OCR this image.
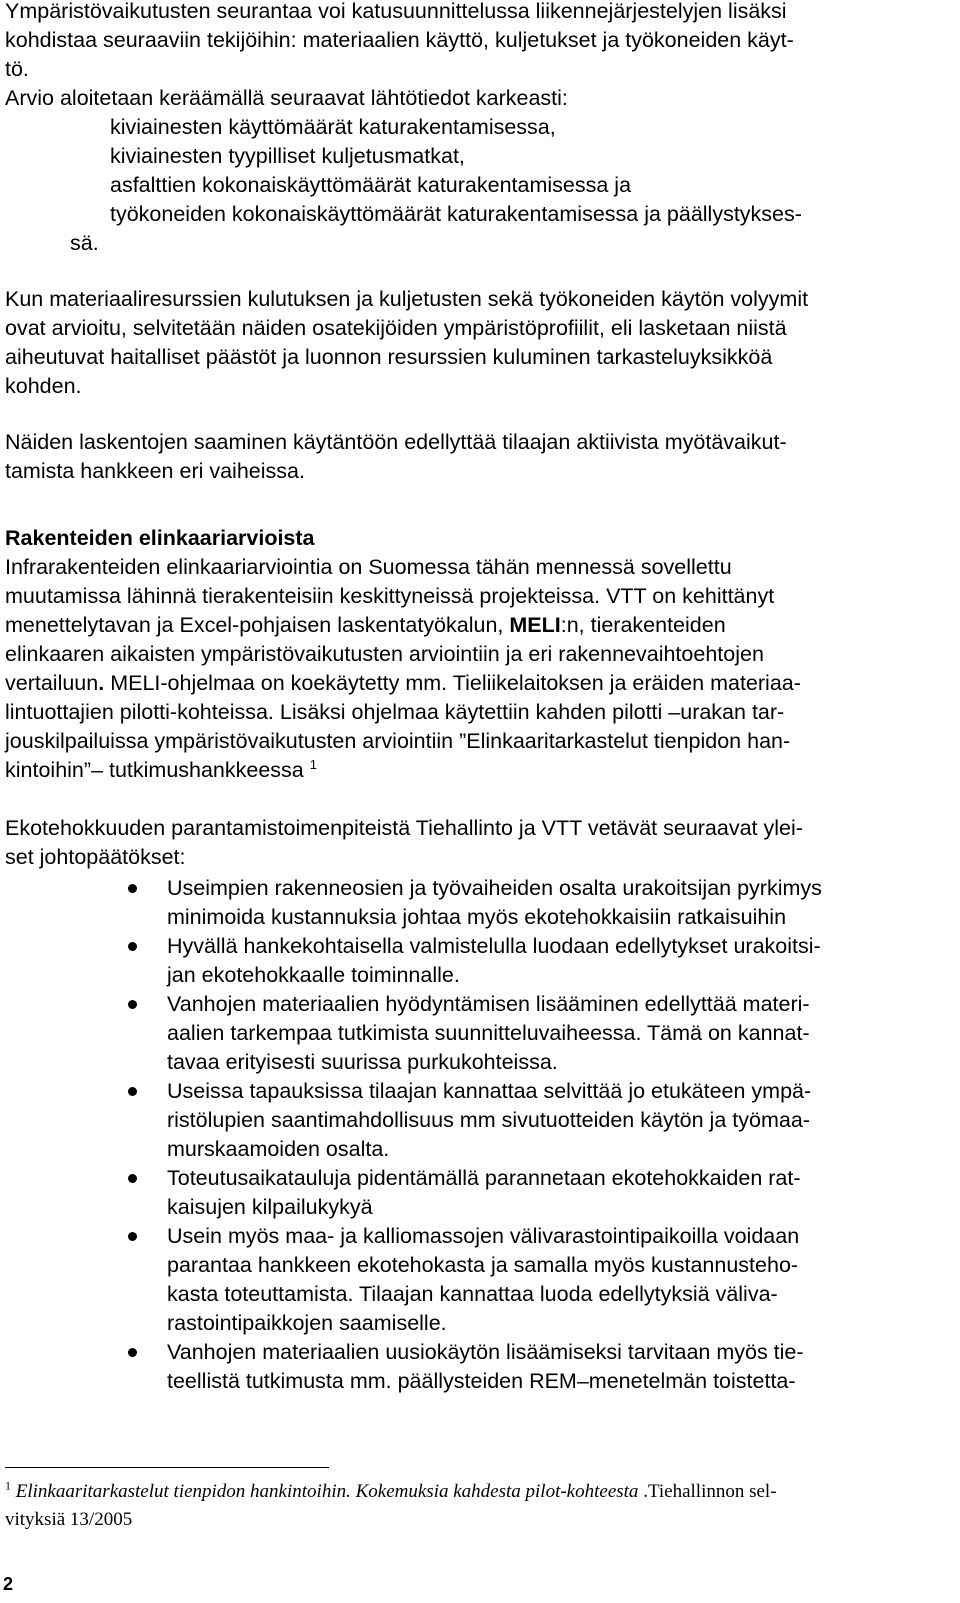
Ympäristövaikutusten seurantaa voi katusuunnittelussa liikennejärjestelyjen lisäksi

kohdistaa seuraaviin tekijöihin: materiaalien käyttö, kuljetukset ja työkoneiden käyt-

tö.

Arvio aloitetaan keräämällä seuraavat lähtötiedot karkeasti:

kiviainesten käyttömäärät katurakentamisessa,

kiviainesten tyypilliset kuljetusmatkat,

asfalttien kokonaiskäyttömäärät katurakentamisessa ja

työkoneiden kokonaiskäyttömäärät katurakentamisessa ja päällystykses-

sä.

Kun materiaaliresurssien kulutuksen ja kuljetusten sekä työkoneiden käytön volyymit

ovat arvioitu, selvitetään näiden osatekijöiden ympäristöprofiilit, eli lasketaan niistä

aiheutuvat haitalliset päästöt ja luonnon resurssien kuluminen tarkasteluyksikköä

kohden.

Näiden laskentojen saaminen käytäntöön edellyttää tilaajan aktiivista myötävaikut-

tamista hankkeen eri vaiheissa.

Rakenteiden elinkaariarvioista

Infrarakenteiden elinkaariarviointia on Suomessa tähän mennessä sovellettu

muutamissa lähinnä tierakenteisiin keskittyneissä projekteissa. VTT on kehittänyt

menettelytavan ja Excel-pohjaisen laskentatyökalun, MELI:n, tierakenteiden

elinkaaren aikaisten ympäristövaikutusten arviointiin ja eri rakennevaihtoehtojen

vertailuun. MELI-ohjelmaa on koekäytetty mm. Tieliikelaitoksen ja eräiden materiaa-

lintuottajien pilotti-kohteissa. Lisäksi ohjelmaa käytettiin kahden pilotti –urakan tar-

jouskilpailuissa ympäristövaikutusten arviointiin ”Elinkaaritarkastelut tienpidon han-

kintoihin”– tutkimushankkeessa $^1$

Ekotehokkuuden parantamistoimenpiteistä Tiehallinto ja VTT vetävät seuraavat ylei-

set johtopäätökset:

Useimpien rakenneosien ja työvaiheiden osalta urakoitsijan pyrkimys
minimoida kustannuksia johtaa myös ekotehokkaisiin ratkaisuihin
Hyvällä hankekohtaisella valmistelulla luodaan edellytykset urakoitsi-
jan ekotehokkaalle toiminnalle.
Vanhojen materiaalien hyödyntämisen lisääminen edellyttää materi-
aalien tarkempaa tutkimista suunnitteluvaiheessa. Tämä on kannat-
tavaa erityisesti suurissa purkukohteissa.
Useissa tapauksissa tilaajan kannattaa selvittää jo etukäteen ympä-
ristölupien saantimahdollisuus mm sivutuotteiden käytön ja työmaa-
murskaamoiden osalta.
Toteutusaikatauluja pidentämällä parannetaan ekotehokkaiden rat-
kaisujen kilpailukykyä
Usein myös maa- ja kalliomassojen välivarastointipaikoilla voidaan
parantaa hankkeen ekotehokasta ja samalla myös kustannusteho-
kasta toteuttamista. Tilaajan kannattaa luoda edellytyksiä väliva-
rastointipaikkojen saamiselle.
Vanhojen materiaalien uusiokäytön lisäämiseksi tarvitaan myös tie-
teellistä tutkimusta mm. päällysteiden REM–menetelmän toistetta-

$^1$ Elinkaaritarkastelut tienpidon hankintoihin. Kokemuksia kahdesta pilot-kohteesta .Tiehallinnon sel-
vityksiä 13/2005

2
